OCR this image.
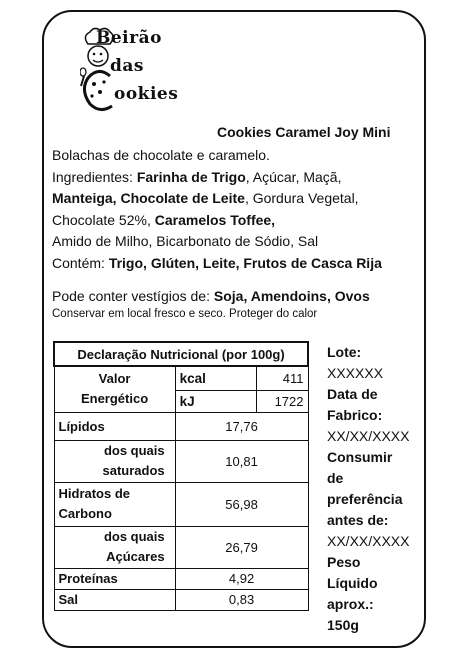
Beirão
das
ookies
Cookies Caramel Joy Mini
Bolachas de chocolate e caramelo.
Ingredientes: Farinha de Trigo, Açúcar, Maçã,
Manteiga, Chocolate de Leite, Gordura Vegetal,
Chocolate 52%, Caramelos Toffee,
Amido de Milho, Bicarbonato de Sódio, Sal
Contém: Trigo, Glúten, Leite, Frutos de Casca Rija
Pode conter vestígios de: Soja, Amendoins, Ovos
Conservar em local fresco e seco. Proteger do calor
Declaração Nutricional (por 100g)		
Valor
Energético	kcal	411
	kJ	1722
Lípidos	17,76	
dos quais
saturados	10,81	
Hidratos de
Carbono	56,98	
dos quais
Açúcares	26,79	
Proteínas	4,92	
Sal	0,83	
Lote:
XXXXXX
Data de
Fabrico:
XX/XX/XXXX
Consumir
de
preferência
antes de:
XX/XX/XXXX
Peso
Líquido
aprox.:
150g
